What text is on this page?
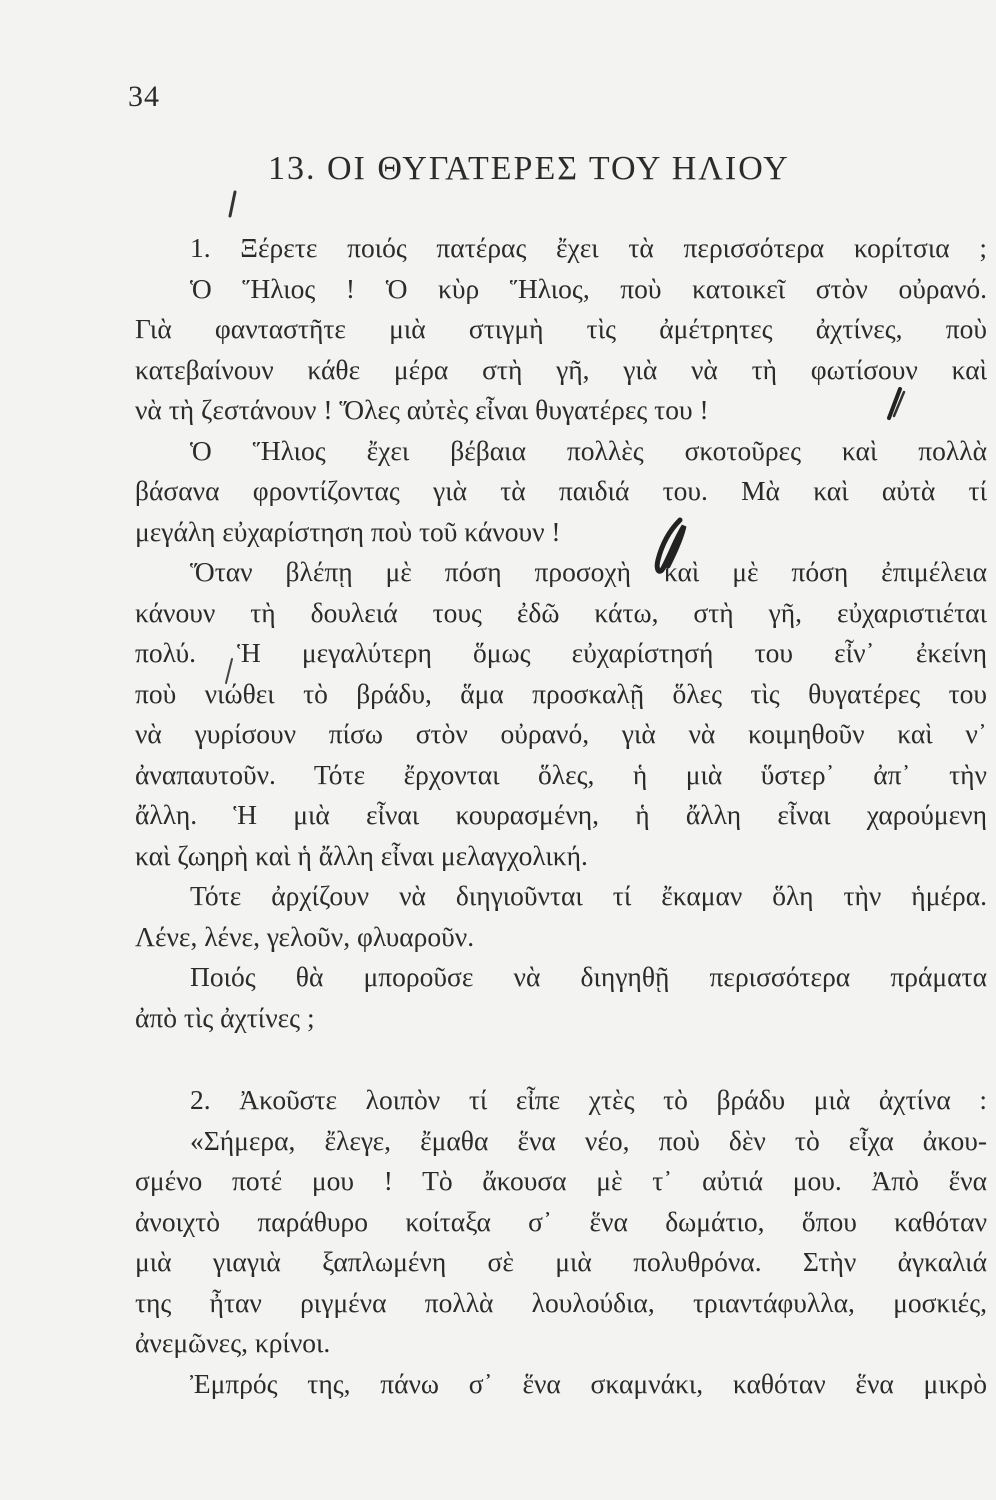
34
13. ΟΙ ΘΥΓΑΤΕΡΕΣ ΤΟΥ ΗΛΙΟΥ
1. Ξέρετε ποιός πατέρας ἔχει τὰ περισσότερα κορίτσια ;
Ὁ Ἥλιος ! Ὁ κὺρ Ἥλιος, ποὺ κατοικεῖ στὸν οὐρανό.
Γιὰ φανταστῆτε μιὰ στιγμὴ τὶς ἀμέτρητες ἀχτίνες, ποὺ
κατεβαίνουν κάθε μέρα στὴ γῆ, γιὰ νὰ τὴ φωτίσουν καὶ
νὰ τὴ ζεστάνουν ! Ὅλες αὐτὲς εἶναι θυγατέρες του !
Ὁ Ἥλιος ἔχει βέβαια πολλὲς σκοτοῦρες καὶ πολλὰ
βάσανα φροντίζοντας γιὰ τὰ παιδιά του. Μὰ καὶ αὐτὰ τί
μεγάλη εὐχαρίστηση ποὺ τοῦ κάνουν !
Ὅταν βλέπῃ μὲ πόση προσοχὴ καὶ μὲ πόση ἐπιμέλεια
κάνουν τὴ δουλειά τους ἐδῶ κάτω, στὴ γῆ, εὐχαριστιέται
πολύ. Ἡ μεγαλύτερη ὅμως εὐχαρίστησή του εἶν᾿ ἐκείνη
ποὺ νιώθει τὸ βράδυ, ἅμα προσκαλῇ ὅλες τὶς θυγατέρες του
νὰ γυρίσουν πίσω στὸν οὐρανό, γιὰ νὰ κοιμηθοῦν καὶ ν᾿
ἀναπαυτοῦν. Τότε ἔρχονται ὅλες, ἡ μιὰ ὕστερ᾿ ἀπ᾿ τὴν
ἄλλη. Ἡ μιὰ εἶναι κουρασμένη, ἡ ἄλλη εἶναι χαρούμενη
καὶ ζωηρὴ καὶ ἡ ἄλλη εἶναι μελαγχολική.
Τότε ἀρχίζουν νὰ διηγιοῦνται τί ἔκαμαν ὅλη τὴν ἡμέρα.
Λένε, λένε, γελοῦν, φλυαροῦν.
Ποιός θὰ μποροῦσε νὰ διηγηθῇ περισσότερα πράματα
ἀπὸ τὶς ἀχτίνες ;
2. Ἀκοῦστε λοιπὸν τί εἶπε χτὲς τὸ βράδυ μιὰ ἀχτίνα :
«Σήμερα, ἔλεγε, ἔμαθα ἕνα νέο, ποὺ δὲν τὸ εἶχα ἀκου-
σμένο ποτέ μου ! Τὸ ἄκουσα μὲ τ᾿ αὐτιά μου. Ἀπὸ ἕνα
ἀνοιχτὸ παράθυρο κοίταξα σ᾿ ἕνα δωμάτιο, ὅπου καθόταν
μιὰ γιαγιὰ ξαπλωμένη σὲ μιὰ πολυθρόνα. Στὴν ἀγκαλιά
της ἦταν ριγμένα πολλὰ λουλούδια, τριαντάφυλλα, μοσκιές,
ἀνεμῶνες, κρίνοι.
Ἐμπρός της, πάνω σ᾿ ἕνα σκαμνάκι, καθόταν ἕνα μικρὸ
